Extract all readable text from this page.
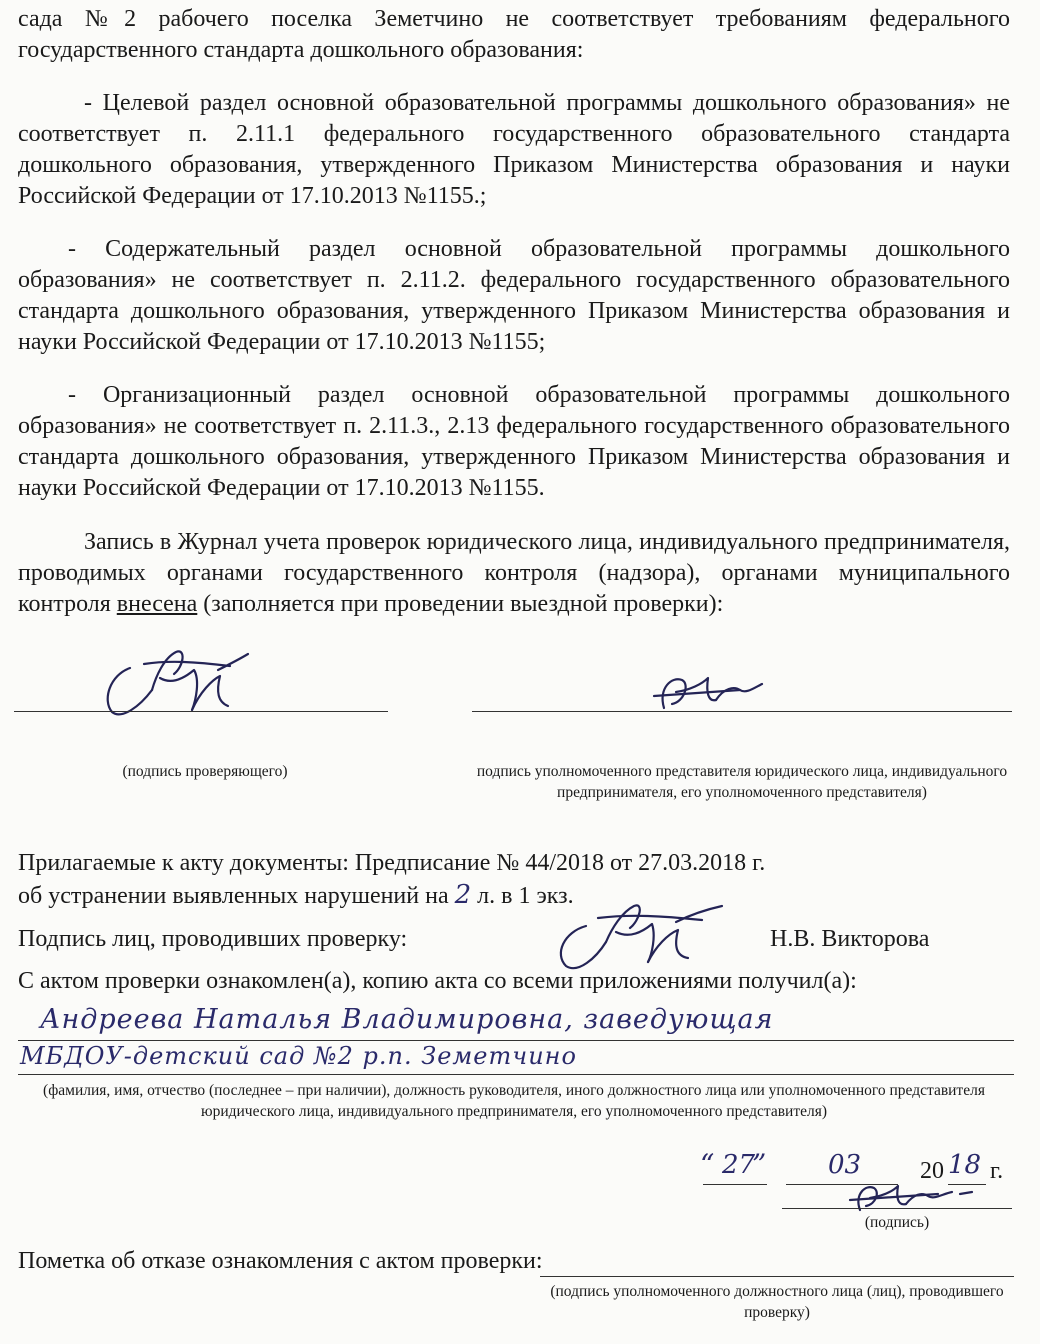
сада №2 рабочего поселка Земетчино не соответствует требованиям федерального государственного стандарта дошкольного образования:

- Целевой раздел основной образовательной программы дошкольного образования» не соответствует п. 2.11.1 федерального государственного образовательного стандарта дошкольного образования, утвержденного Приказом Министерства образования и науки Российской Федерации от 17.10.2013 №1155.;

- Содержательный раздел основной образовательной программы дошкольного образования» не соответствует п. 2.11.2. федерального государственного образовательного стандарта дошкольного образования, утвержденного Приказом Министерства образования и науки Российской Федерации от 17.10.2013 №1155;

- Организационный раздел основной образовательной программы дошкольного образования» не соответствует п. 2.11.3., 2.13 федерального государственного образовательного стандарта дошкольного образования, утвержденного Приказом Министерства образования и науки Российской Федерации от 17.10.2013 №1155.

Запись в Журнал учета проверок юридического лица, индивидуального предпринимателя, проводимых органами государственного контроля (надзора), органами муниципального контроля внесена (заполняется при проведении выездной проверки):

(подпись проверяющего)	подпись уполномоченного представителя юридического лица, индивидуального предпринимателя, его уполномоченного представителя)

Прилагаемые к акту документы: Предписание № 44/2018 от 27.03.2018 г.

об устранении выявленных нарушений на 2 л. в 1 экз.
Подпись лиц, проводивших проверку:	Н.В. Викторова
С актом проверки ознакомлен(а), копию акта со всеми приложениями получил(а):
Андреева Наталья Владимировна, заведующая
МБДОУ-детский сад №2 р.п. Земетчино

(фамилия, имя, отчество (последнее – при наличии), должность руководителя, иного должностного лица или уполномоченного представителя юридического лица, индивидуального предпринимателя, его уполномоченного представителя)

“ 27
” 03 20 18 г.

(подпись)

Пометка об отказе ознакомления с актом проверки:

(подпись уполномоченного должностного лица (лиц), проводившего проверку)
